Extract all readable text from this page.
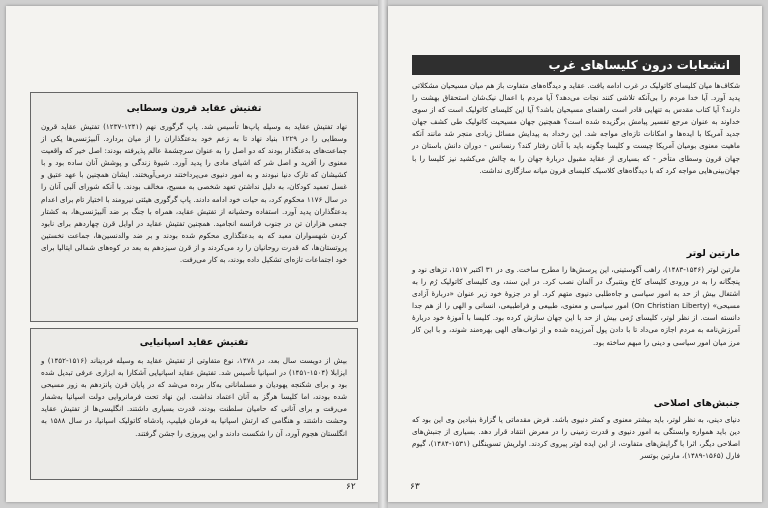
تفتیش عقاید قرون وسطایی

نهاد تفتیش عقاید به وسیله پاپ‌ها تأسیس شد. پاپ گرگوری نهم (۱۲۴۱-۱۲۳۷) تفتیش عقاید قرون وسطایی را در ۱۲۲۹ بنیاد نهاد تا به زعم خود بدعتگذاران را از میان بردارد. آلبیژنسی‌ها یکی از جماعت‌های بدعتگذار بودند که دو اصل را به عنوان سرچشمهٔ عالم پذیرفته بودند: اصل خیر که واقعیت معنوی را آفرید و اصل شر که اشیای مادی را پدید آورد. شیوهٔ زندگی و پوشش آنان ساده بود و با کشیشان که تارک دنیا نبودند و به امور دنیوی می‌پرداختند درمی‌آویختند. ایشان همچنین با عهد عتیق و غسل تعمید کودکان، به دلیل نداشتن تعهد شخصی به مسیح، مخالف بودند. با آنکه شورای آلبی آنان را در سال ۱۱۷۶ محکوم کرد، به حیات خود ادامه دادند. پاپ گرگوری هیئتی نیرومند با اختیار تام برای اعدام بدعتگذاران پدید آورد. استفاده وحشیانه از تفتیش عقاید، همراه با جنگ بر ضد آلبیژنسی‌ها، به کشتار جمعی هزاران تن در جنوب فرانسه انجامید. همچنین تفتیش عقاید در اوایل قرن چهاردهم برای نابود کردن شهسواران معبد که به بدعتگذاری محکوم شده بودند و بر ضد والدنسین‌ها، جماعت نخستین پروتستان‌ها، که قدرت روحانیان را رد می‌کردند و از قرن سیزدهم به بعد در کوه‌های شمالی ایتالیا برای خود اجتماعات تازه‌ای تشکیل داده بودند، به کار می‌رفت.

تفتیش عقاید اسپانیایی

بیش از دویست سال بعد، در ۱۴۷۸، نوع متفاوتی از تفتیش عقاید به وسیله فردیناند (۱۵۱۶-۱۴۵۲) و ایزابلا (۱۵۰۴-۱۴۵۱) در اسپانیا تأسیس شد. تفتیش عقاید اسپانیایی آشکارا به ابزاری عرفی تبدیل شده بود و برای شکنجه یهودیان و مسلمانانی به‌کار برده می‌شد که در پایان قرن پانزدهم به زور مسیحی شده بودند، اما کلیسا هرگز به آنان اعتماد نداشت. این نهاد تحت فرمانروایی دولت اسپانیا به‌شمار می‌رفت و برای آنانی که حامیان سلطنت بودند، قدرت بسیاری داشتند. انگلیسی‌ها از تفتیش عقاید وحشت داشتند و هنگامی که ارتش اسپانیا به فرمان فیلیپ، پادشاه کاتولیک اسپانیا، در سال ۱۵۸۸ به انگلستان هجوم آورد، آن را شکست دادند و این پیروزی را جشن گرفتند.

۶۲
انشعابات درون کلیساهای غرب

شکاف‌ها میان کلیسای کاتولیک در غرب ادامه یافت. عقاید و دیدگاه‌های متفاوت باز هم میان مسیحیان مشکلاتی پدید آورد. آیا خدا مردم را بی‌آنکه تلاشی کنند نجات می‌دهد؟ آیا مردم با اعمال نیک‌شان استحقاق بهشت را دارند؟ آیا کتاب مقدس به تنهایی قادر است راهنمای مسیحیان باشد؟ آیا این کلیسای کاتولیک است که از سوی خداوند به عنوان مرجع تفسیر پیامش برگزیده شده است؟ همچنین جهان مسیحیت کاتولیک طی کشف جهان جدید آمریکا با ایده‌ها و امکانات تازه‌ای مواجه شد. این رخداد به پیدایش مسائل زیادی منجر شد مانند آنکه ماهیت معنوی بومیان آمریکا چیست و کلیسا چگونه باید با آنان رفتار کند؟ رنسانس - دوران دانش باستان در جهان قرون وسطای متأخر - که بسیاری از عقاید مقبول دربارهٔ جهان را به چالش می‌کشید نیز کلیسا را با جهان‌بینی‌هایی مواجه کرد که با دیدگاه‌های کلاسیک کلیسای قرون میانه سازگاری نداشت.

مارتین لوتر

مارتین لوتر (۱۵۴۶-۱۴۸۳)، راهب آگوستینی، این پرسش‌ها را مطرح ساخت. وی در ۳۱ اکتبر ۱۵۱۷، تزهای نود و پنجگانه را به در ورودی کلیسای کاخ ویتنبرگ در آلمان نصب کرد. در این سند، وی کلیسای کاتولیک رُم را به اشتغال بیش از حد به امور سیاسی و جاه‌طلبی دنیوی متهم کرد. او در جزوهٔ خود زیر عنوان «دربارهٔ آزادی مسیحی» (On Christian Liberty) امور سیاسی و معنوی، طبیعی و فراطبیعی، انسانی و الهی را از هم جدا دانسته است. از نظر لوتر، کلیسای رُمی بیش از حد با این جهان سازش کرده بود. کلیسا با آموزهٔ خود دربارهٔ آمرزش‌نامه به مردم اجازه می‌داد تا با دادن پول آمرزیده شده و از تو‌اب‌های الهی بهره‌مند شوند، و با این کار مرز میان امور سیاسی و دینی را مبهم ساخته بود.

جنبش‌های اصلاحی

دنیای دینی، به نظر لوتر، باید بیشتر معنوی و کمتر دنیوی باشد. فرض مقدماتی یا گزارهٔ بنیادین وی این بود که دین باید همواره وابستگی به امور دنیوی و قدرت زمینی را در معرض انتقاد قرار دهد. بسیاری از جنبش‌های اصلاحی دیگر، اثرا با گرایش‌های متفاوت، از این ایده لوتر پیروی کردند. اولریش تسوینگلی (۱۵۳۱-۱۴۸۴)، گیوم فارل (۱۵۶۵-۱۴۸۹)، مارتین بوتسر

۶۳
